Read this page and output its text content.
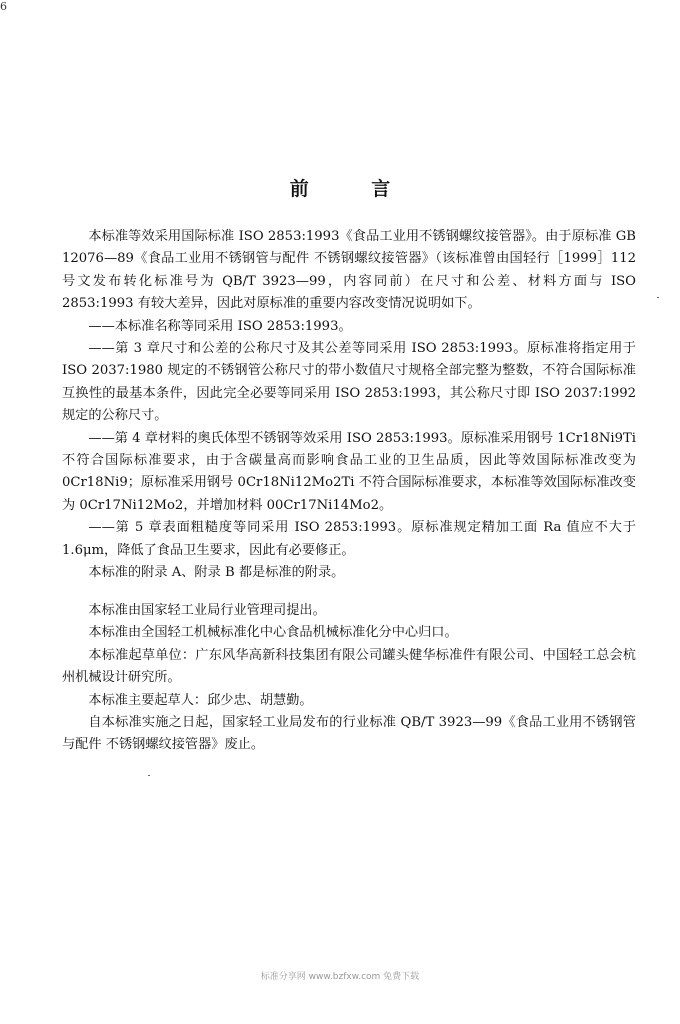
6
前 言

本标准等效采用国际标准 ISO 2853:1993《食品工业用不锈钢螺纹接管器》。由于原标准 GB 12076—89《食品工业用不锈钢管与配件 不锈钢螺纹接管器》（该标准曾由国轻行［1999］112 号文发布转化标准号为 QB/T 3923—99，内容同前）在尺寸和公差、材料方面与 ISO 2853:1993 有较大差异，因此对原标准的重要内容改变情况说明如下。

——本标准名称等同采用 ISO 2853:1993。

——第 3 章尺寸和公差的公称尺寸及其公差等同采用 ISO 2853:1993。原标准将指定用于 ISO 2037:1980 规定的不锈钢管公称尺寸的带小数值尺寸规格全部完整为整数，不符合国际标准互换性的最基本条件，因此完全必要等同采用 ISO 2853:1993，其公称尺寸即 ISO 2037:1992 规定的公称尺寸。

——第 4 章材料的奥氏体型不锈钢等效采用 ISO 2853:1993。原标准采用钢号 1Cr18Ni9Ti 不符合国际标准要求，由于含碳量高而影响食品工业的卫生品质，因此等效国际标准改变为 0Cr18Ni9；原标准采用钢号 0Cr18Ni12Mo2Ti 不符合国际标准要求，本标准等效国际标准改变为 0Cr17Ni12Mo2，并增加材料 00Cr17Ni14Mo2。

——第 5 章表面粗糙度等同采用 ISO 2853:1993。原标准规定精加工面 Ra 值应不大于 1.6μm，降低了食品卫生要求，因此有必要修正。

本标准的附录 A、附录 B 都是标准的附录。

本标准由国家轻工业局行业管理司提出。

本标准由全国轻工机械标准化中心食品机械标准化分中心归口。

本标准起草单位：广东风华高新科技集团有限公司罐头健华标准件有限公司、中国轻工总会杭州机械设计研究所。

本标准主要起草人：邱少忠、胡慧勤。

自本标准实施之日起，国家轻工业局发布的行业标准 QB/T 3923—99《食品工业用不锈钢管与配件 不锈钢螺纹接管器》废止。

标准分享网 www.bzfxw.com 免费下载
